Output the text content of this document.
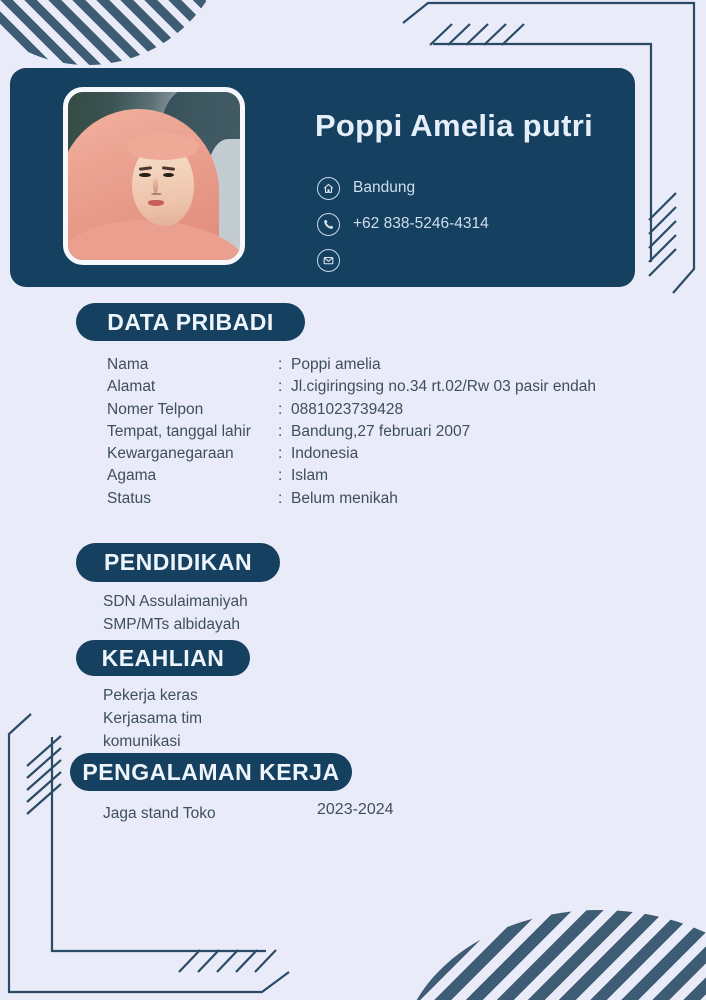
Poppi Amelia putri
Bandung
+62 838-5246-4314
DATA PRIBADI
Nama	: Poppi amelia
Alamat	: Jl.cigiringsing no.34 rt.02/Rw 03 pasir endah
Nomer Telpon	: 0881023739428
Tempat, tanggal lahir	: Bandung,27 februari 2007
Kewarganegaraan	: Indonesia
Agama	: Islam
Status	: Belum menikah
PENDIDIKAN
SDN Assulaimaniyah
SMP/MTs albidayah
KEAHLIAN
Pekerja keras
Kerjasama tim
komunikasi
PENGALAMAN KERJA
Jaga stand Toko	2023-2024
